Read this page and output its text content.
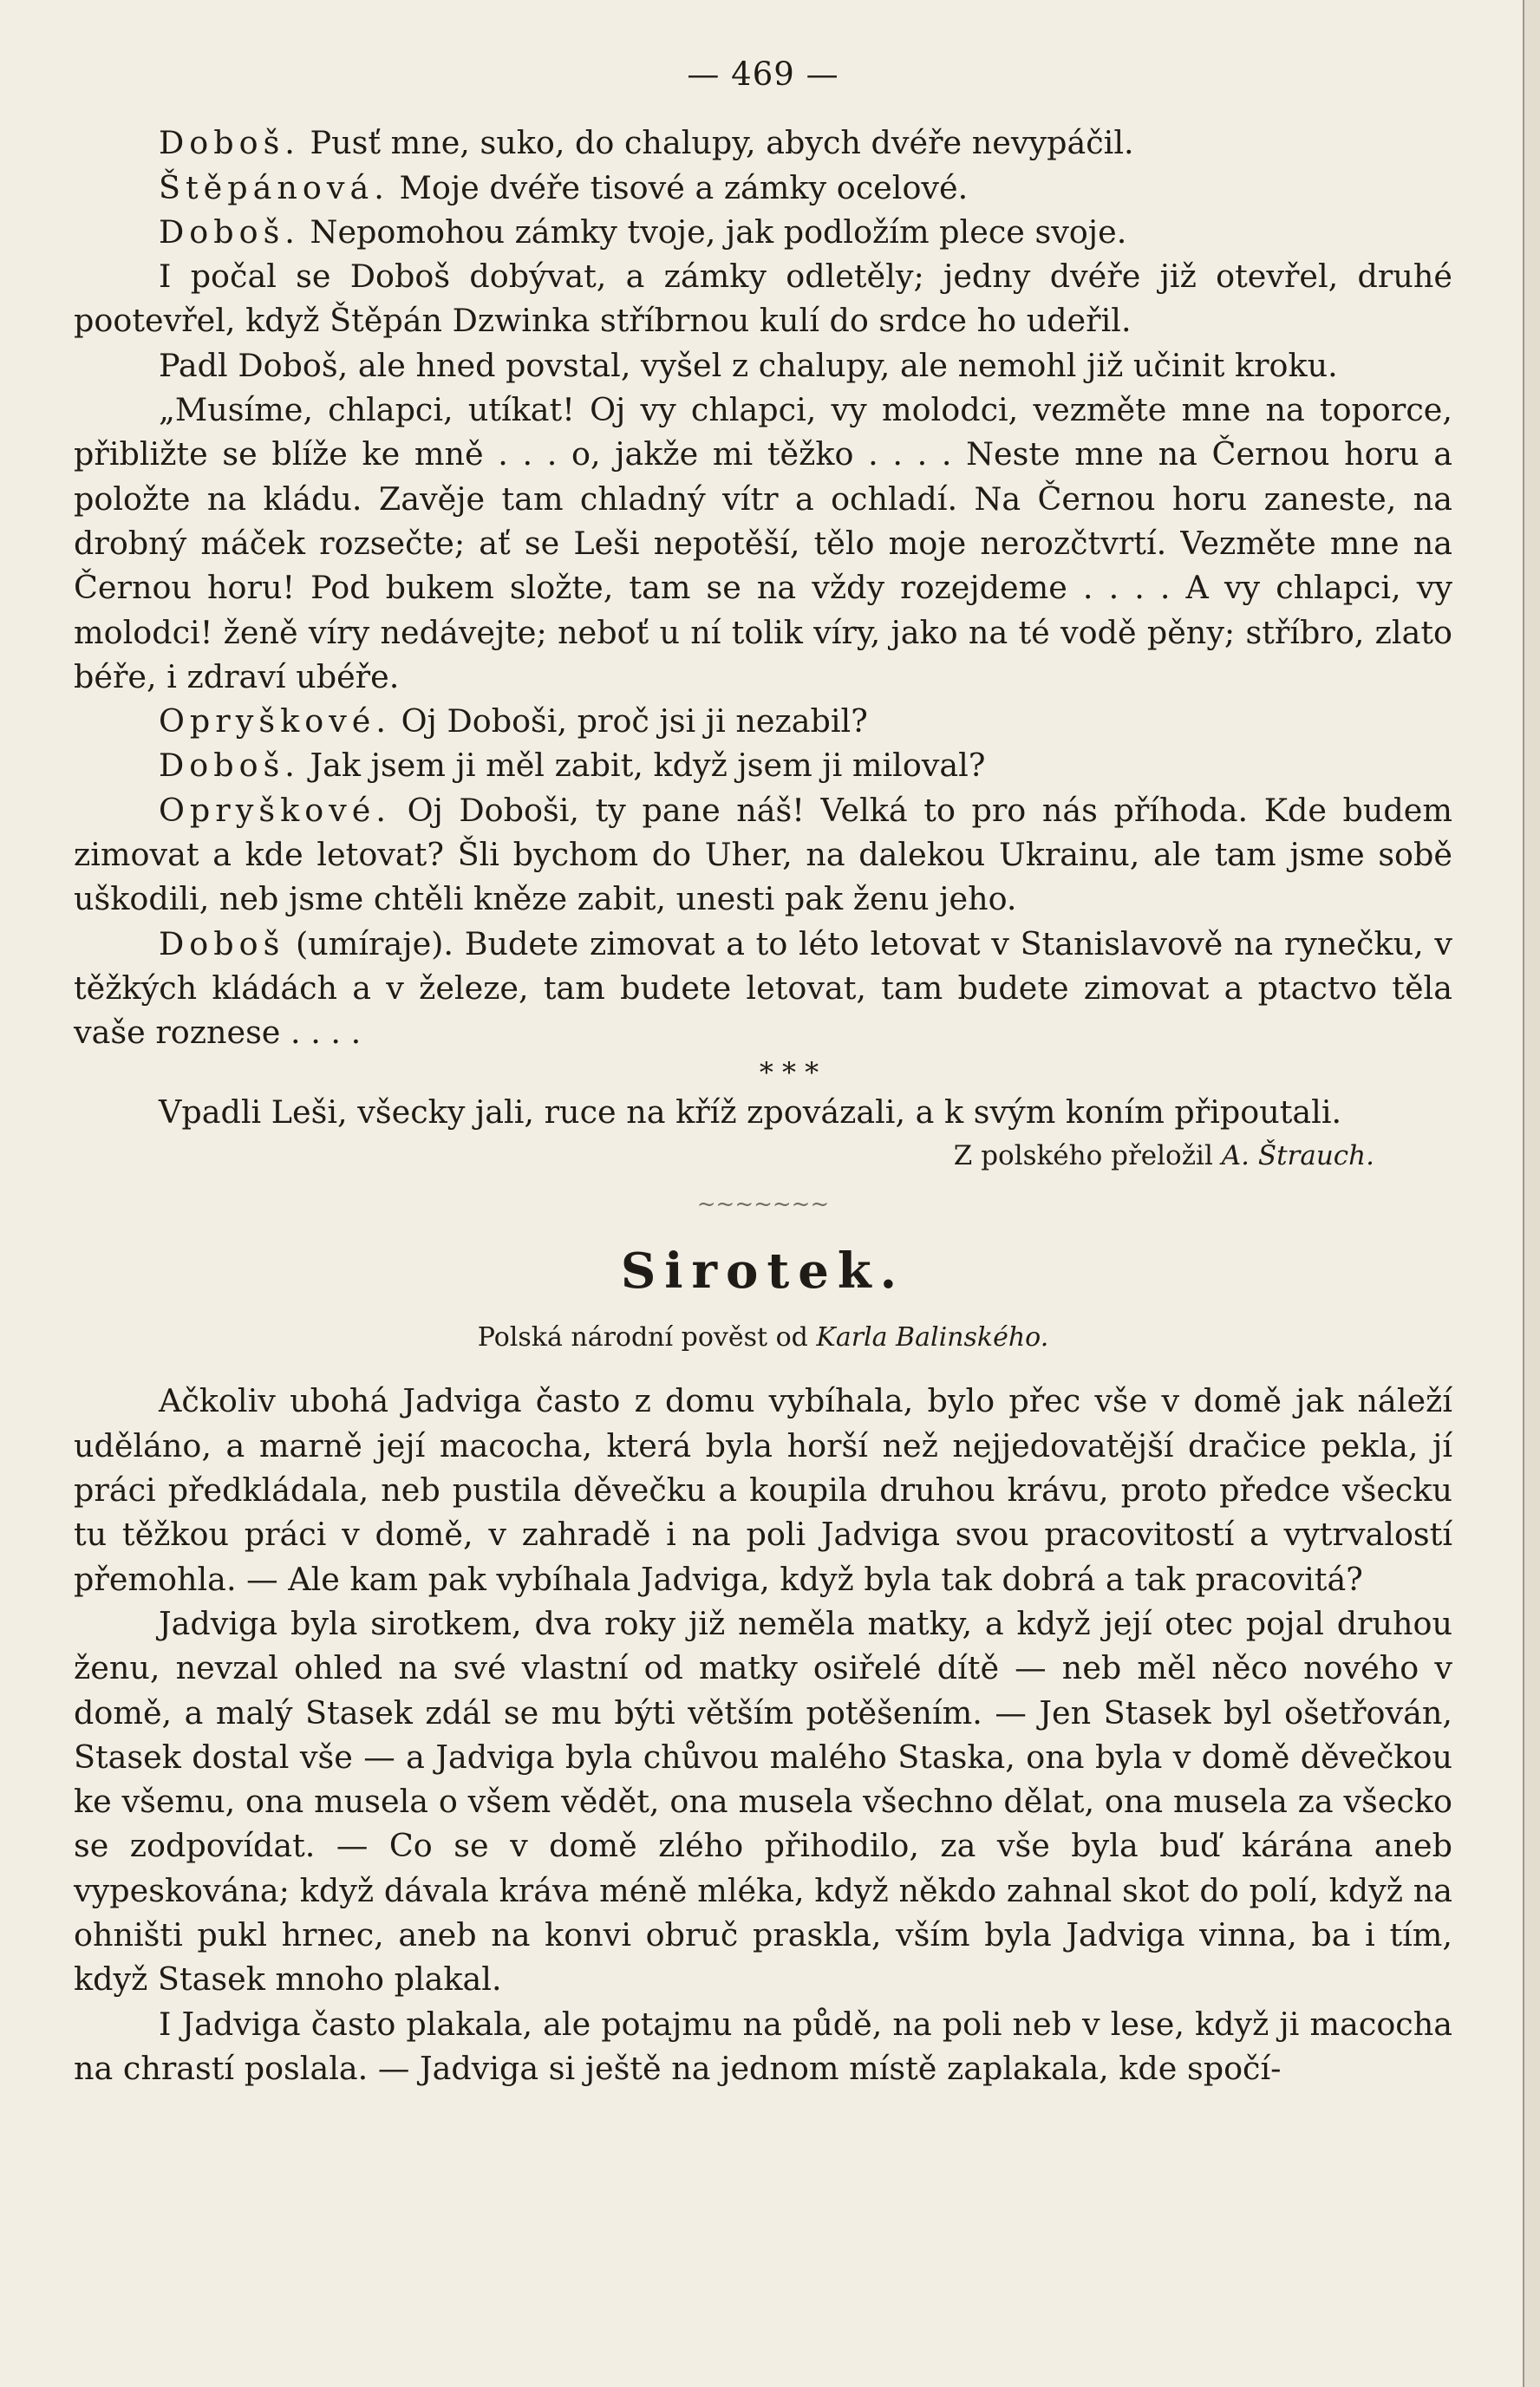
— 469 —

Doboš. Pusť mne, suko, do chalupy, abych dvéře nevypáčil.

Štěpánová. Moje dvéře tisové a zámky ocelové.

Doboš. Nepomohou zámky tvoje, jak podložím plece svoje.

I počal se Doboš dobývat, a zámky odletěly; jedny dvéře již otevřel, druhé pootevřel, když Štěpán Dzwinka stříbrnou kulí do srdce ho udeřil.

Padl Doboš, ale hned povstal, vyšel z chalupy, ale nemohl již učinit kroku.

„Musíme, chlapci, utíkat! Oj vy chlapci, vy molodci, vezměte mne na toporce, přibližte se blíže ke mně . . . o, jakže mi těžko . . . . Neste mne na Černou horu a položte na kládu. Zavěje tam chladný vítr a ochladí. Na Černou horu zaneste, na drobný máček rozsečte; ať se Leši nepotěší, tělo moje nerozčtvrtí. Vezměte mne na Černou horu! Pod bukem složte, tam se na vždy rozejdeme . . . . A vy chlapci, vy molodci! ženě víry nedávejte; neboť u ní tolik víry, jako na té vodě pěny; stříbro, zlato béře, i zdraví ubéře.

Opryškové. Oj Doboši, proč jsi ji nezabil?

Doboš. Jak jsem ji měl zabit, když jsem ji miloval?

Opryškové. Oj Doboši, ty pane náš! Velká to pro nás příhoda. Kde budem zimovat a kde letovat? Šli bychom do Uher, na dalekou Ukrainu, ale tam jsme sobě uškodili, neb jsme chtěli kněze zabit, unesti pak ženu jeho.

Doboš (umíraje). Budete zimovat a to léto letovat v Stanislavově na rynečku, v těžkých kládách a v železe, tam budete letovat, tam budete zimovat a ptactvo těla vaše roznese . . . .

* * *

Vpadli Leši, všecky jali, ruce na kříž zpovázali, a k svým koním připoutali.

Z polského přeložil A. Štrauch.

~~~~~~~
Sirotek.
Polská národní pověst od Karla Balinského.

Ačkoliv ubohá Jadviga často z domu vybíhala, bylo přec vše v domě jak náleží uděláno, a marně její macocha, která byla horší než nejjedovatější dračice pekla, jí práci předkládala, neb pustila děvečku a koupila druhou krávu, proto předce všecku tu těžkou práci v domě, v zahradě i na poli Jadviga svou pracovitostí a vytrvalostí přemohla. — Ale kam pak vybíhala Jadviga, když byla tak dobrá a tak pracovitá?

Jadviga byla sirotkem, dva roky již neměla matky, a když její otec pojal druhou ženu, nevzal ohled na své vlastní od matky osiřelé dítě — neb měl něco nového v domě, a malý Stasek zdál se mu býti větším potěšením. — Jen Stasek byl ošetřován, Stasek dostal vše — a Jadviga byla chůvou malého Staska, ona byla v domě děvečkou ke všemu, ona musela o všem vědět, ona musela všechno dělat, ona musela za všecko se zodpovídat. — Co se v domě zlého přihodilo, za vše byla buď kárána aneb vypeskována; když dávala kráva méně mléka, když někdo zahnal skot do polí, když na ohništi pukl hrnec, aneb na konvi obruč praskla, vším byla Jadviga vinna, ba i tím, když Stasek mnoho plakal.

I Jadviga často plakala, ale potajmu na půdě, na poli neb v lese, když ji macocha na chrastí poslala. — Jadviga si ještě na jednom místě zaplakala, kde spočí-
